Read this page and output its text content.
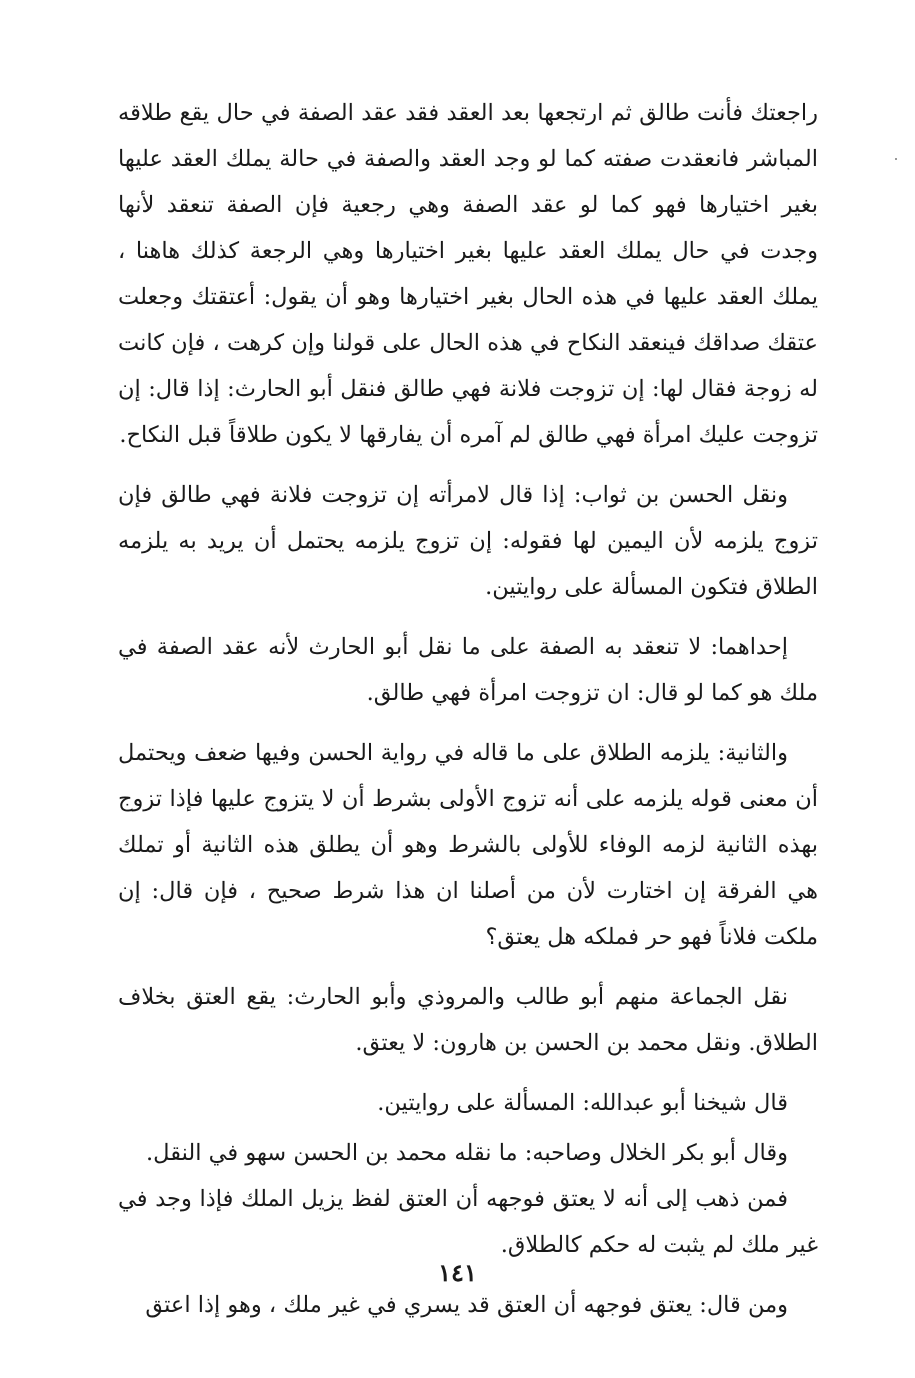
راجعتك فأنت طالق ثم ارتجعها بعد العقد فقد عقد الصفة في حال يقع طلاقه المباشر فانعقدت صفته كما لو وجد العقد والصفة في حالة يملك العقد عليها بغير اختيارها فهو كما لو عقد الصفة وهي رجعية فإن الصفة تنعقد لأنها وجدت في حال يملك العقد عليها بغير اختيارها وهي الرجعة كذلك هاهنا ، يملك العقد عليها في هذه الحال بغير اختيارها وهو أن يقول: أعتقتك وجعلت عتقك صداقك فينعقد النكاح في هذه الحال على قولنا وإن كرهت ، فإن كانت له زوجة فقال لها: إن تزوجت فلانة فهي طالق فنقل أبو الحارث: إذا قال: إن تزوجت عليك امرأة فهي طالق لم آمره أن يفارقها لا يكون طلاقاً قبل النكاح.

ونقل الحسن بن ثواب: إذا قال لامرأته إن تزوجت فلانة فهي طالق فإن تزوج يلزمه لأن اليمين لها فقوله: إن تزوج يلزمه يحتمل أن يريد به يلزمه الطلاق فتكون المسألة على روايتين.

إحداهما: لا تنعقد به الصفة على ما نقل أبو الحارث لأنه عقد الصفة في ملك هو كما لو قال: ان تزوجت امرأة فهي طالق.

والثانية: يلزمه الطلاق على ما قاله في رواية الحسن وفيها ضعف ويحتمل أن معنى قوله يلزمه على أنه تزوج الأولى بشرط أن لا يتزوج عليها فإذا تزوج بهذه الثانية لزمه الوفاء للأولى بالشرط وهو أن يطلق هذه الثانية أو تملك هي الفرقة إن اختارت لأن من أصلنا ان هذا شرط صحيح ، فإن قال: إن ملكت فلاناً فهو حر فملكه هل يعتق؟

نقل الجماعة منهم أبو طالب والمروذي وأبو الحارث: يقع العتق بخلاف الطلاق. ونقل محمد بن الحسن بن هارون: لا يعتق.

قال شيخنا أبو عبدالله: المسألة على روايتين.

وقال أبو بكر الخلال وصاحبه: ما نقله محمد بن الحسن سهو في النقل.

فمن ذهب إلى أنه لا يعتق فوجهه أن العتق لفظ يزيل الملك فإذا وجد في غير ملك لم يثبت له حكم كالطلاق.

ومن قال: يعتق فوجهه أن العتق قد يسري في غير ملك ، وهو إذا اعتق

١٤١
